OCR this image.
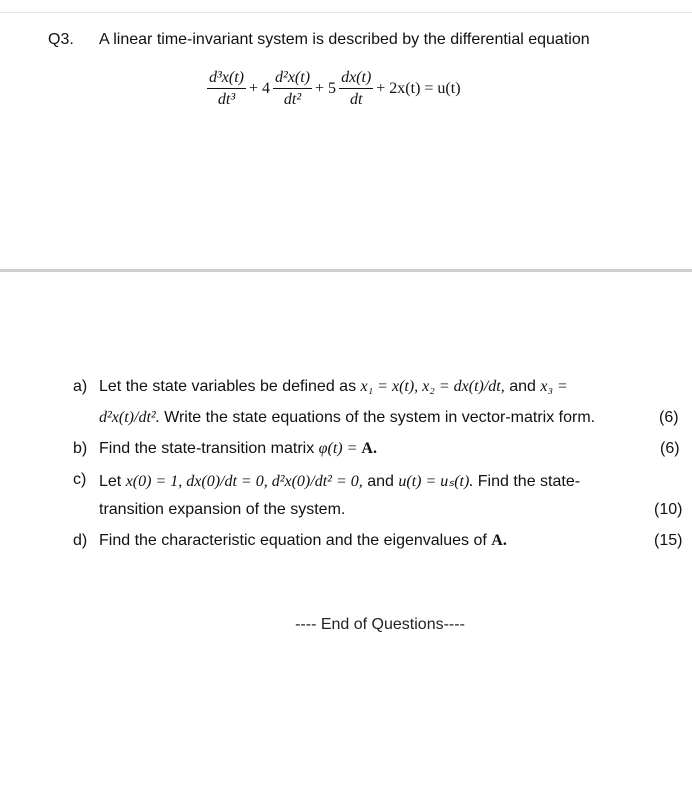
Q3. A linear time-invariant system is described by the differential equation
$\frac{\text{d³x(t)}}{\text{dt³}} + 4 \frac{\text{d²x(t)}}{\text{dt²}} + 5 \frac{dx(t)}{dt} + 2x(t) = u(t)$
a) Let the state variables be defined as x₁ = x(t), x₂ = dx(t)/dt, and x₃ =
d²x(t)/dt². Write the state equations of the system in vector-matrix form.	(6)
b) Find the state-transition matrix φ(t) = A.	(6)
c) Let x(0) = 1, dx(0)/dt = 0, d²x(0)/dt² = 0, and u(t) = uₛ(t). Find the state-
transition expansion of the system.	(10)
d) Find the characteristic equation and the eigenvalues of A.	(15)
---- End of Questions----
